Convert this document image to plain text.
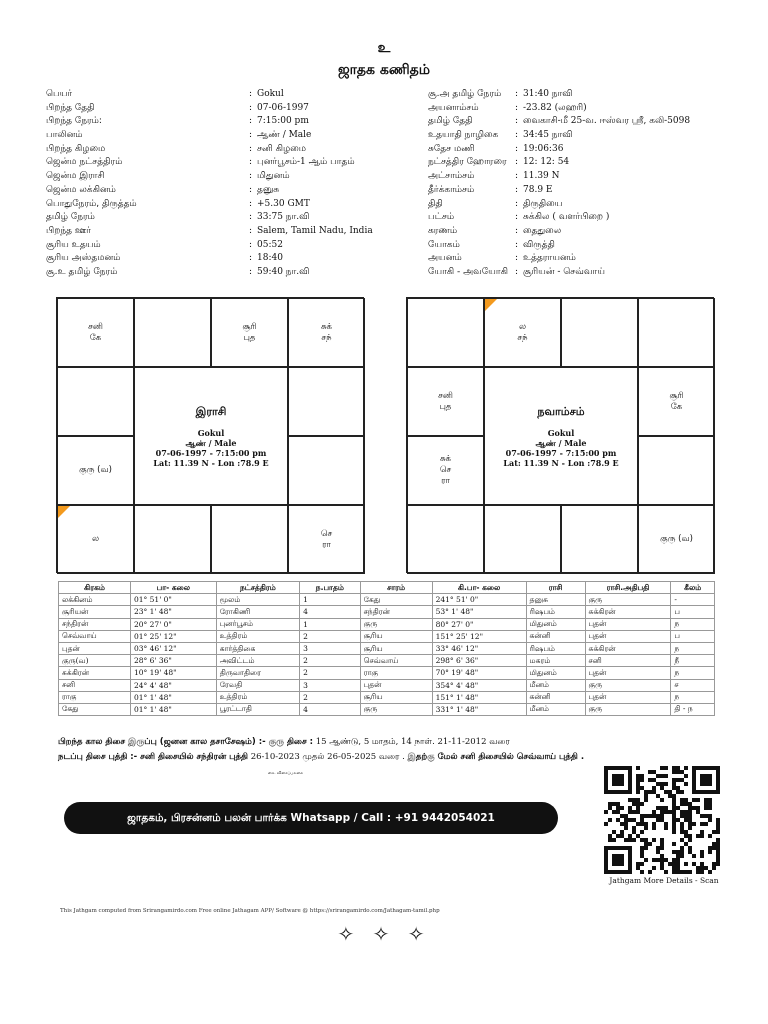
உ
ஜாதக கணிதம்
பெயர்	: Gokul
பிறந்த தேதி	: 07-06-1997
பிறந்த நேரம்:	: 7:15:00 pm
பாலினம்	: ஆண் / Male
பிறந்த கிழமை	: சனி கிழமை
ஜென்ம நட்சத்திரம்	: புனர்பூசம்-1 ஆம் பாதம்
ஜென்ம இராசி	: மிதுனம்
ஜென்ம லக்கினம்	: தனுசு
பொதுநேரம், திருத்தம்	: +5.30 GMT
தமிழ் நேரம்	: 33:75 நா.வி
பிறந்த ஊர்	: Salem, Tamil Nadu, India
சூரிய உதயம்	: 05:52
சூரிய அஸ்தமனம்	: 18:40
சூ.உ தமிழ் நேரம்	: 59:40 நா.வி
சூ.அ தமிழ் நேரம்	: 31:40 நாவி
அயனாம்சம்	: -23.82 (லஹரி)
தமிழ் தேதி	: வைகாசி-மீ 25-வ. ஈஸ்வர ஸ்ரீ, கலி-5098
உதயாதி நாழிகை	: 34:45 நாவி
சுதேச மணி	: 19:06:36
நட்சத்திர ஹோரரை : 12: 12: 54
அட்சாம்சம்	: 11.39 N
தீர்க்காம்சம்	: 78.9 E
திதி	: திருதியை
பட்சம்	: சுக்கில ( வளர்பிறை )
கரணம்	: தைதுலை
யோகம்	: விருத்தி
அயனம்	: உத்தராயனம்
யோகி - அவயோகி : சூரியன் - செவ்வாய்
சனி
கே
சூரி
புத
சுக்
சந்
குரு (வ)
ல
செ
ரா
இராசி
Gokul
ஆண் / Male
07-06-1997 - 7:15:00 pm
Lat: 11.39 N - Lon :78.9 E
ல
சந்
சனி
புத
சூரி
கே
சுக்
செ
ரா
குரு (வ)
நவாம்சம்
Gokul
ஆண் / Male
07-06-1997 - 7:15:00 pm
Lat: 11.39 N - Lon :78.9 E
கிரகம்	பா- கலை	நட்சத்திரம்	ந.பாதம்	சாரம்	கி.பா- கலை	ராசி	ராசி.அதிபதி	கீலம்
லக்கினம்	01° 51' 0"	மூலம்	1	கேது	241° 51' 0"	தனுசு	குரு	-
சூரியன்	23° 1' 48"	ரோகிணி	4	சந்திரன்	53° 1' 48"	ரிஷபம்	சுக்கிரன்	ப
சந்திரன்	20° 27' 0"	புனர்பூசம்	1	குரு	80° 27' 0"	மிதுனம்	புதன்	ந
செவ்வாய்	01° 25' 12"	உத்திரம்	2	சூரிய	151° 25' 12"	கன்னி	புதன்	ப
புதன்	03° 46' 12"	கார்த்திகை	3	சூரிய	33° 46' 12"	ரிஷபம்	சுக்கிரன்	ந
குரு(வ)	28° 6' 36"	அவிட்டம்	2	செவ்வாய்	298° 6' 36"	மகரம்	சனி	நீ
சுக்கிரன்	10° 19' 48"	திருவாதிரை	2	ராகு	70° 19' 48"	மிதுனம்	புதன்	ந
சனி	24° 4' 48"	ரேவதி	3	புதன்	354° 4' 48"	மீனம்	குரு	ச
ராகு	01° 1' 48"	உத்திரம்	2	சூரிய	151° 1' 48"	கன்னி	புதன்	ந
கேது	01° 1' 48"	பூரட்டாதி	4	குரு	331° 1' 48"	மீனம்	குரு	தி - ந
பிறந்த கால திசை இருப்பு (ஜனன கால தசாசேஷம்) :- குரு திசை : 15 ஆண்டு, 5 மாதம், 14 நாள். 21-11-2012 வரை
நடப்பு திசை புத்தி :- சனி திசையில் சந்திரன் புத்தி 26-10-2023 முதல் 26-05-2025 வரை . இதற்கு மேல் சனி திசையில் செவ்வாய் புத்தி .
கை. விசைப்பலகை
ஜாதகம், பிரசன்னம் பலன் பார்க்க Whatsapp / Call : +91 9442054021
Jathgam More Details - Scan
This Jathgam computed from Srirangamirdo.com Free online Jathagam APP/ Software @ https://srirangamirdo.com/Jathagam-tamil.php
✧ ✧ ✧
